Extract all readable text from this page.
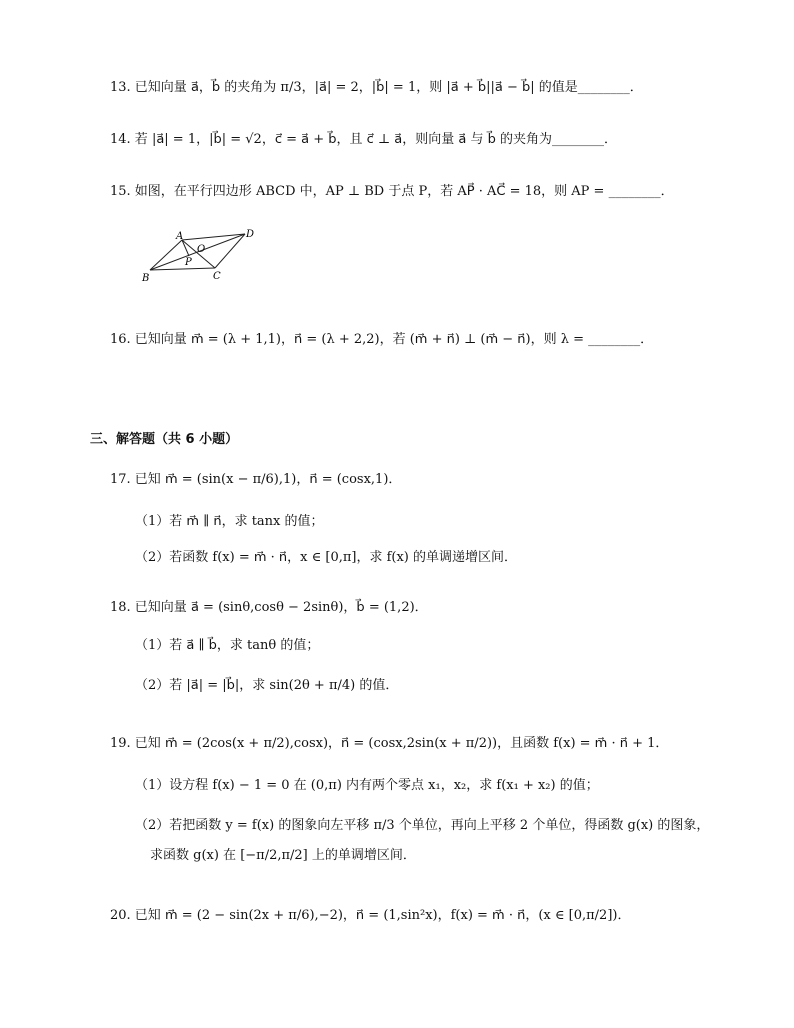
13. 已知向量 a⃗，b⃗ 的夹角为 π/3，|a⃗| = 2，|b⃗| = 1，则 |a⃗ + b⃗||a⃗ − b⃗| 的值是________．
14. 若 |a⃗| = 1，|b⃗| = √2，c⃗ = a⃗ + b⃗，且 c⃗ ⊥ a⃗，则向量 a⃗ 与 b⃗ 的夹角为________．
15. 如图，在平行四边形 ABCD 中，AP ⊥ BD 于点 P，若 AP⃗ · AC⃗ = 18，则 AP = ________．
A
B	C
D
O
P
16. 已知向量 m⃗ = (λ + 1,1)，n⃗ = (λ + 2,2)，若 (m⃗ + n⃗) ⊥ (m⃗ − n⃗)，则 λ = ________．
三、解答题（共 6 小题）
17. 已知 m⃗ = (sin(x − π/6),1)，n⃗ = (cosx,1)．
（1）若 m⃗ ∥ n⃗，求 tanx 的值；
（2）若函数 f(x) = m⃗ · n⃗，x ∈ [0,π]，求 f(x) 的单调递增区间．
18. 已知向量 a⃗ = (sinθ,cosθ − 2sinθ)，b⃗ = (1,2)．
（1）若 a⃗ ∥ b⃗，求 tanθ 的值；
（2）若 |a⃗| = |b⃗|，求 sin(2θ + π/4) 的值．
19. 已知 m⃗ = (2cos(x + π/2),cosx)，n⃗ = (cosx,2sin(x + π/2))，且函数 f(x) = m⃗ · n⃗ + 1．
（1）设方程 f(x) − 1 = 0 在 (0,π) 内有两个零点 x₁，x₂，求 f(x₁ + x₂) 的值；
（2）若把函数 y = f(x) 的图象向左平移 π/3 个单位，再向上平移 2 个单位，得函数 g(x) 的图象，
求函数 g(x) 在 [−π/2,π/2] 上的单调增区间．
20. 已知 m⃗ = (2 − sin(2x + π/6),−2)，n⃗ = (1,sin²x)，f(x) = m⃗ · n⃗，(x ∈ [0,π/2])．
